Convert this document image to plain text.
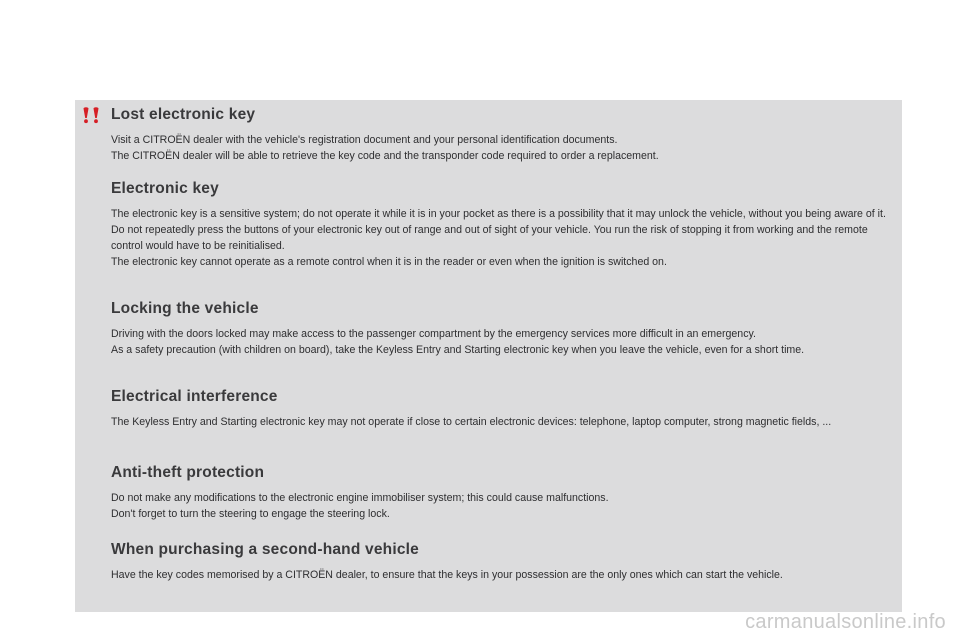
Lost electronic key

Visit a CITROËN dealer with the vehicle's registration document and your personal identification documents.

The CITROËN dealer will be able to retrieve the key code and the transponder code required to order a replacement.

Electronic key

The electronic key is a sensitive system; do not operate it while it is in your pocket as there is a possibility that it may unlock the vehicle, without you being aware of it.

Do not repeatedly press the buttons of your electronic key out of range and out of sight of your vehicle. You run the risk of stopping it from working and the remote control would have to be reinitialised.

The electronic key cannot operate as a remote control when it is in the reader or even when the ignition is switched on.

Locking the vehicle

Driving with the doors locked may make access to the passenger compartment by the emergency services more difficult in an emergency.

As a safety precaution (with children on board), take the Keyless Entry and Starting electronic key when you leave the vehicle, even for a short time.

Electrical interference

The Keyless Entry and Starting electronic key may not operate if close to certain electronic devices: telephone, laptop computer, strong magnetic fields, ...

Anti-theft protection

Do not make any modifications to the electronic engine immobiliser system; this could cause malfunctions.

Don't forget to turn the steering to engage the steering lock.

When purchasing a second-hand vehicle

Have the key codes memorised by a CITROËN dealer, to ensure that the keys in your possession are the only ones which can start the vehicle.

carmanualsonline.info
